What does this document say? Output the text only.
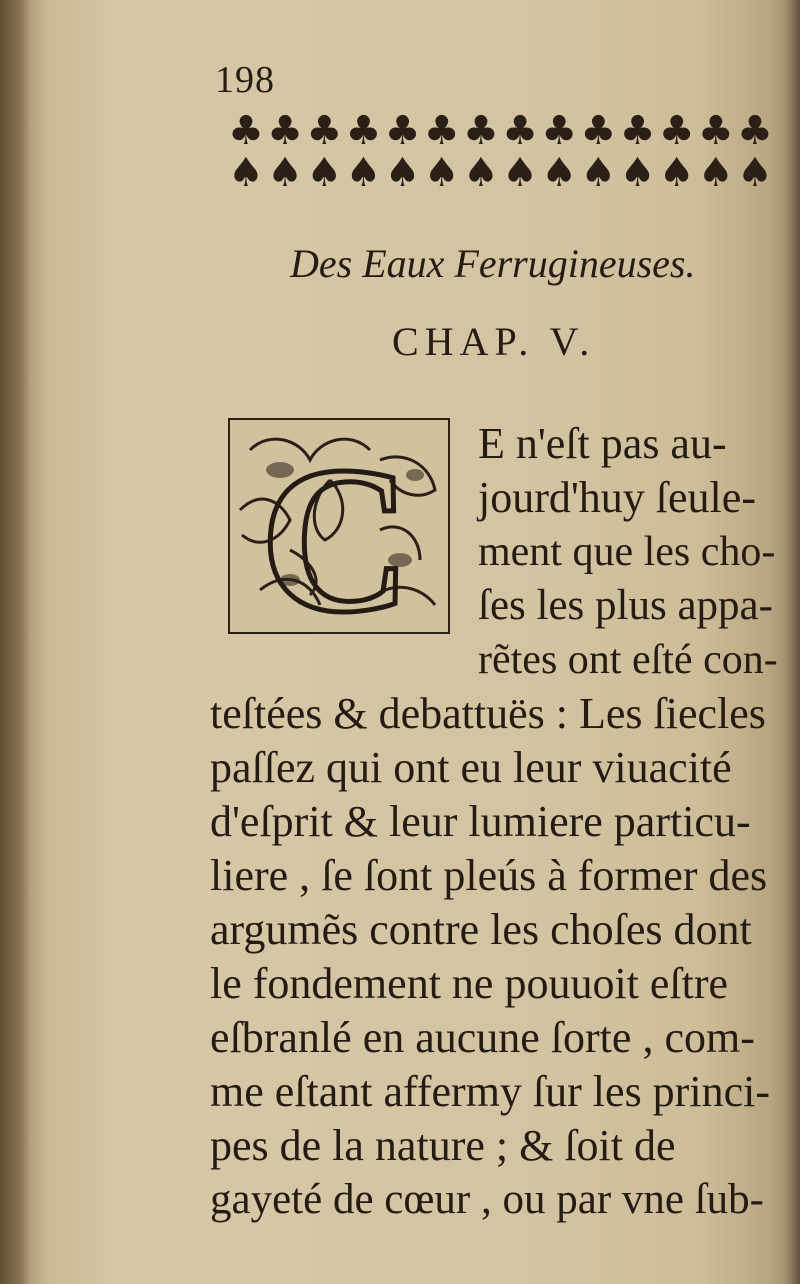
198
♣ ♣ ♣ ♣ ♣ ♣ ♣ ♣ ♣ ♣ ♣ ♣ ♣ ♣
♠ ♠ ♠ ♠ ♠ ♠ ♠ ♠ ♠ ♠ ♠ ♠ ♠ ♠
Des Eaux Ferrugineuses.
CHAP. V.
C E n'eſt pas au-
jourd'huy ſeule-
ment que les cho-
ſes les plus appa-
rẽtes ont eſté con-
teſtées & debattuës : Les ſiecles
paſſez qui ont eu leur viuacité
d'eſprit & leur lumiere particu-
liere , ſe ſont pleús à former des
argumẽs contre les choſes dont
le fondement ne pouuoit eſtre
eſbranlé en aucune ſorte , com-
me eſtant affermy ſur les princi-
pes de la nature ; & ſoit de
gayeté de cœur , ou par vne ſub-
